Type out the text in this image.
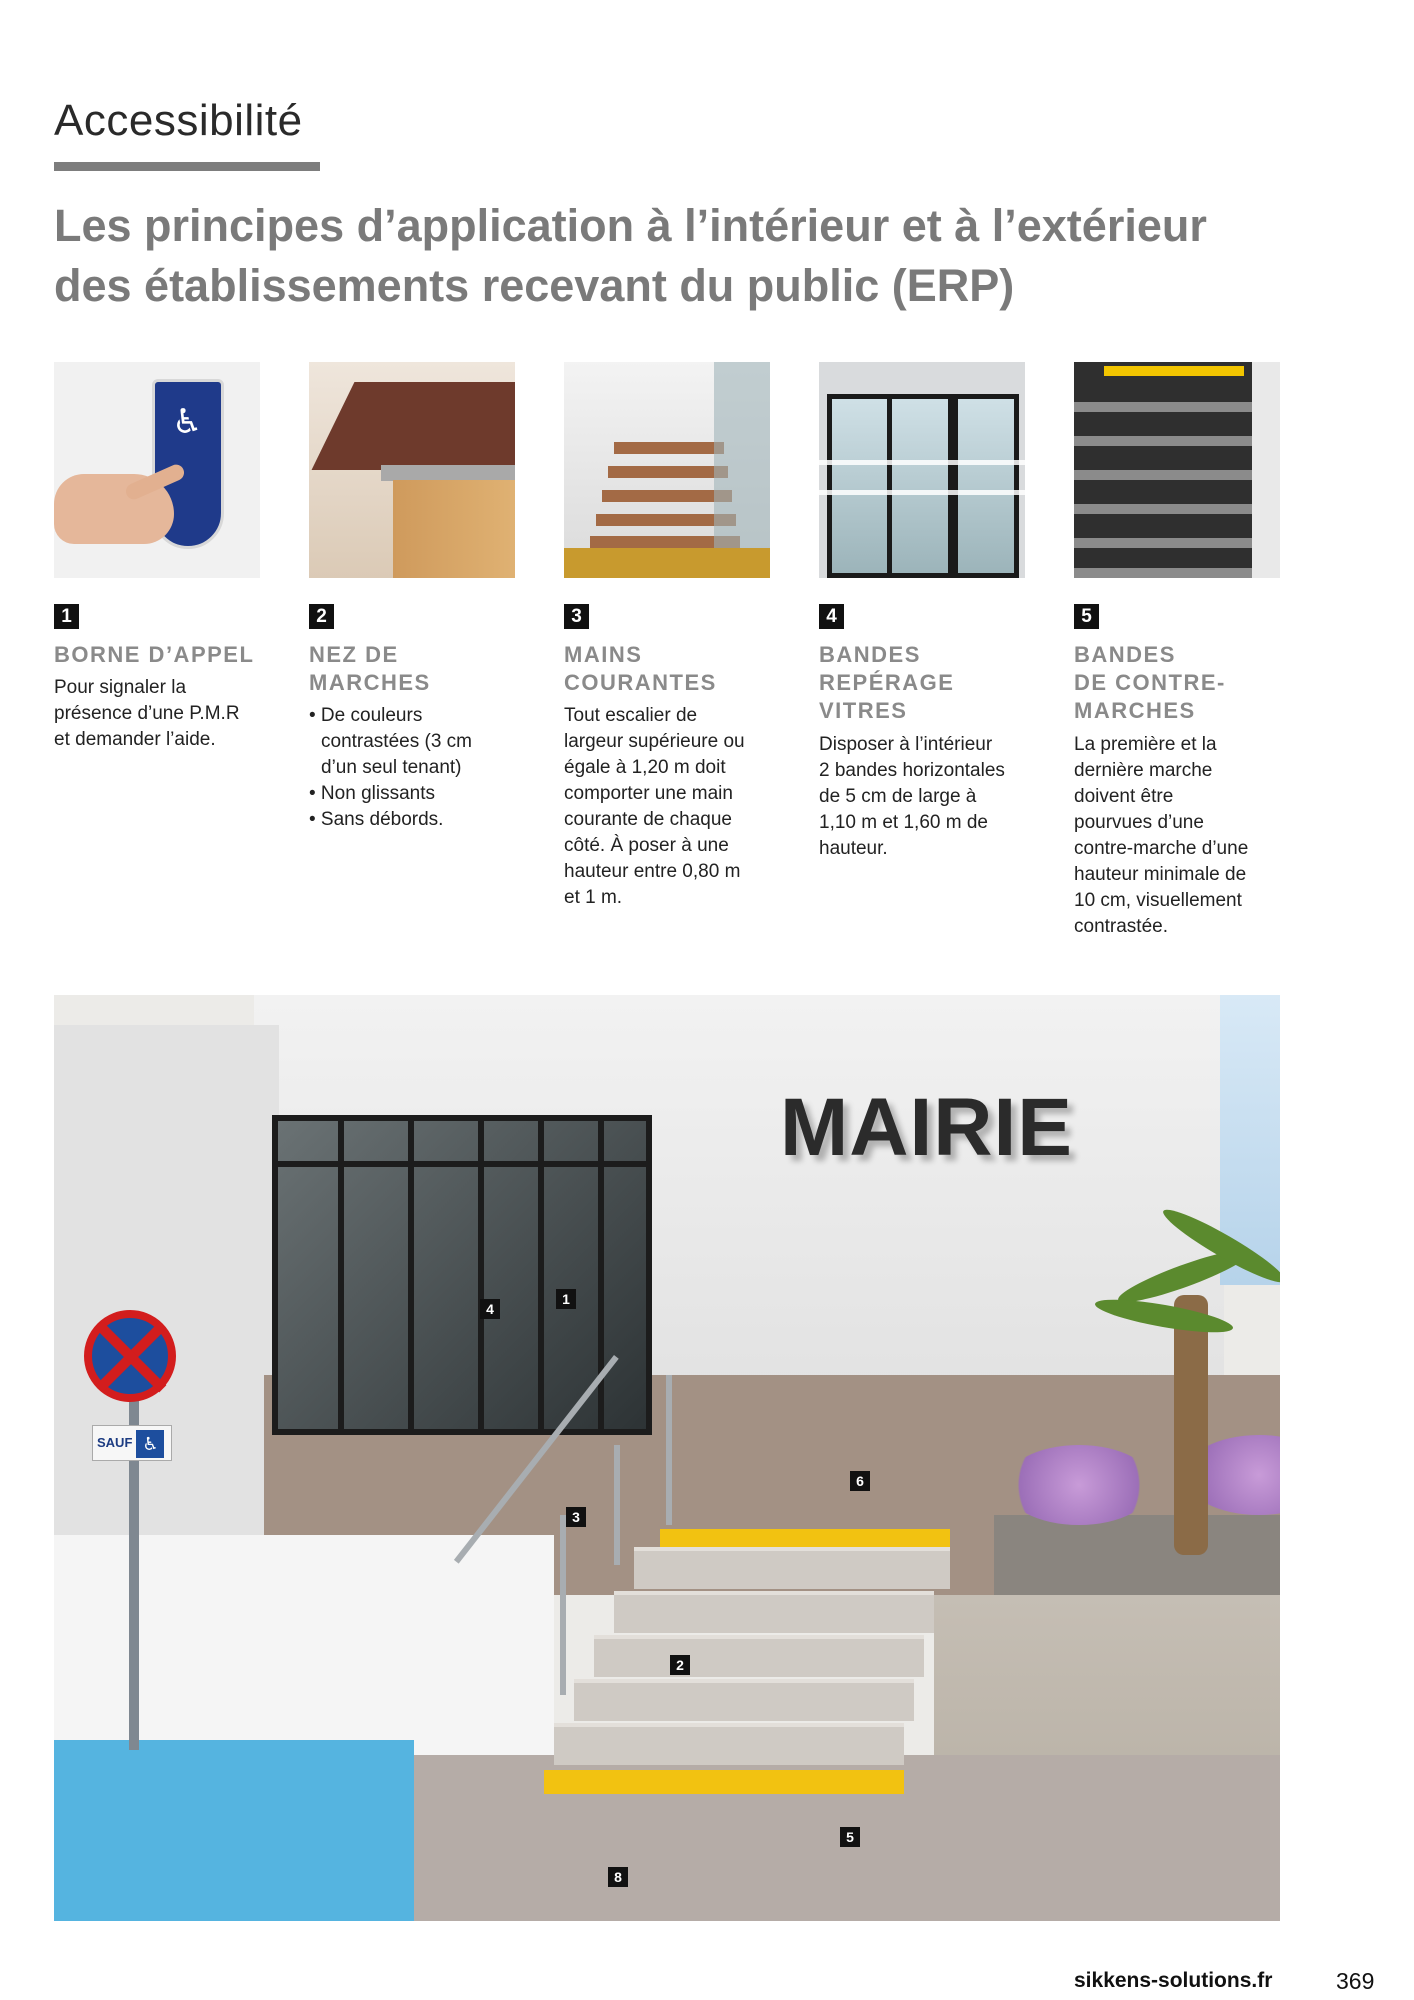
Accessibilité
Les principes d’application à l’intérieur et à l’extérieur
des établissements recevant du public (ERP)
♿
1
BORNE D’APPEL
Pour signaler la
présence d’une P.M.R
et demander l’aide.
2
NEZ DE
MARCHES
• De couleurs
contrastées (3 cm
d’un seul tenant)
• Non glissants
• Sans débords.
3
MAINS
COURANTES
Tout escalier de
largeur supérieure ou
égale à 1,20 m doit
comporter une main
courante de chaque
côté. À poser à une
hauteur entre 0,80 m
et 1 m.
4
BANDES
REPÉRAGE
VITRES
Disposer à l’intérieur
2 bandes horizontales
de 5 cm de large à
1,10 m et 1,60 m de
hauteur.
5
BANDES
DE CONTRE-
MARCHES
La première et la
dernière marche
doivent être
pourvues d’une
contre-marche d’une
hauteur minimale de
10 cm, visuellement
contrastée.
MAIRIE
SAUF ♿
4
1
3
6
2
5
8
sikkens-solutions.fr	369
